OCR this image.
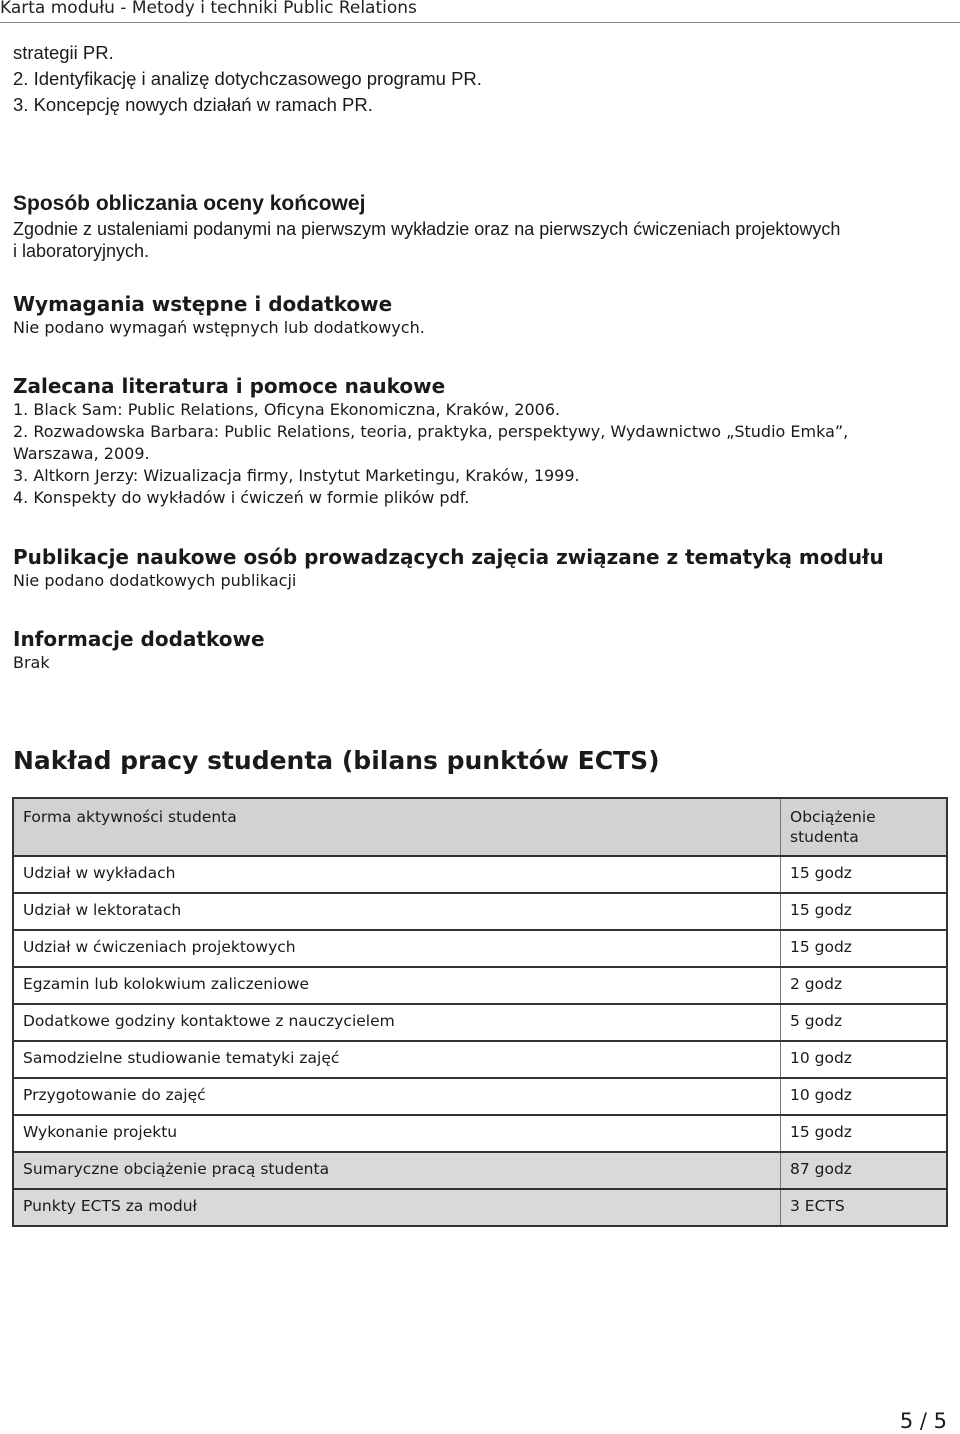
Karta modułu - Metody i techniki Public Relations
strategii PR.
2. Identyfikację i analizę dotychczasowego programu PR.
3. Koncepcję nowych działań w ramach PR.
Sposób obliczania oceny końcowej
Zgodnie z ustaleniami podanymi na pierwszym wykładzie oraz na pierwszych ćwiczeniach projektowych
i laboratoryjnych.
Wymagania wstępne i dodatkowe
Nie podano wymagań wstępnych lub dodatkowych.
Zalecana literatura i pomoce naukowe
1. Black Sam: Public Relations, Oficyna Ekonomiczna, Kraków, 2006.
2. Rozwadowska Barbara: Public Relations, teoria, praktyka, perspektywy, Wydawnictwo „Studio Emka”,
Warszawa, 2009.
3. Altkorn Jerzy: Wizualizacja firmy, Instytut Marketingu, Kraków, 1999.
4. Konspekty do wykładów i ćwiczeń w formie plików pdf.
Publikacje naukowe osób prowadzących zajęcia związane z tematyką modułu
Nie podano dodatkowych publikacji
Informacje dodatkowe
Brak
Nakład pracy studenta (bilans punktów ECTS)
Forma aktywności studenta	Obciążenie studenta
Udział w wykładach	15 godz
Udział w lektoratach	15 godz
Udział w ćwiczeniach projektowych	15 godz
Egzamin lub kolokwium zaliczeniowe	2 godz
Dodatkowe godziny kontaktowe z nauczycielem	5 godz
Samodzielne studiowanie tematyki zajęć	10 godz
Przygotowanie do zajęć	10 godz
Wykonanie projektu	15 godz
Sumaryczne obciążenie pracą studenta	87 godz
Punkty ECTS za moduł	3 ECTS
5 / 5
